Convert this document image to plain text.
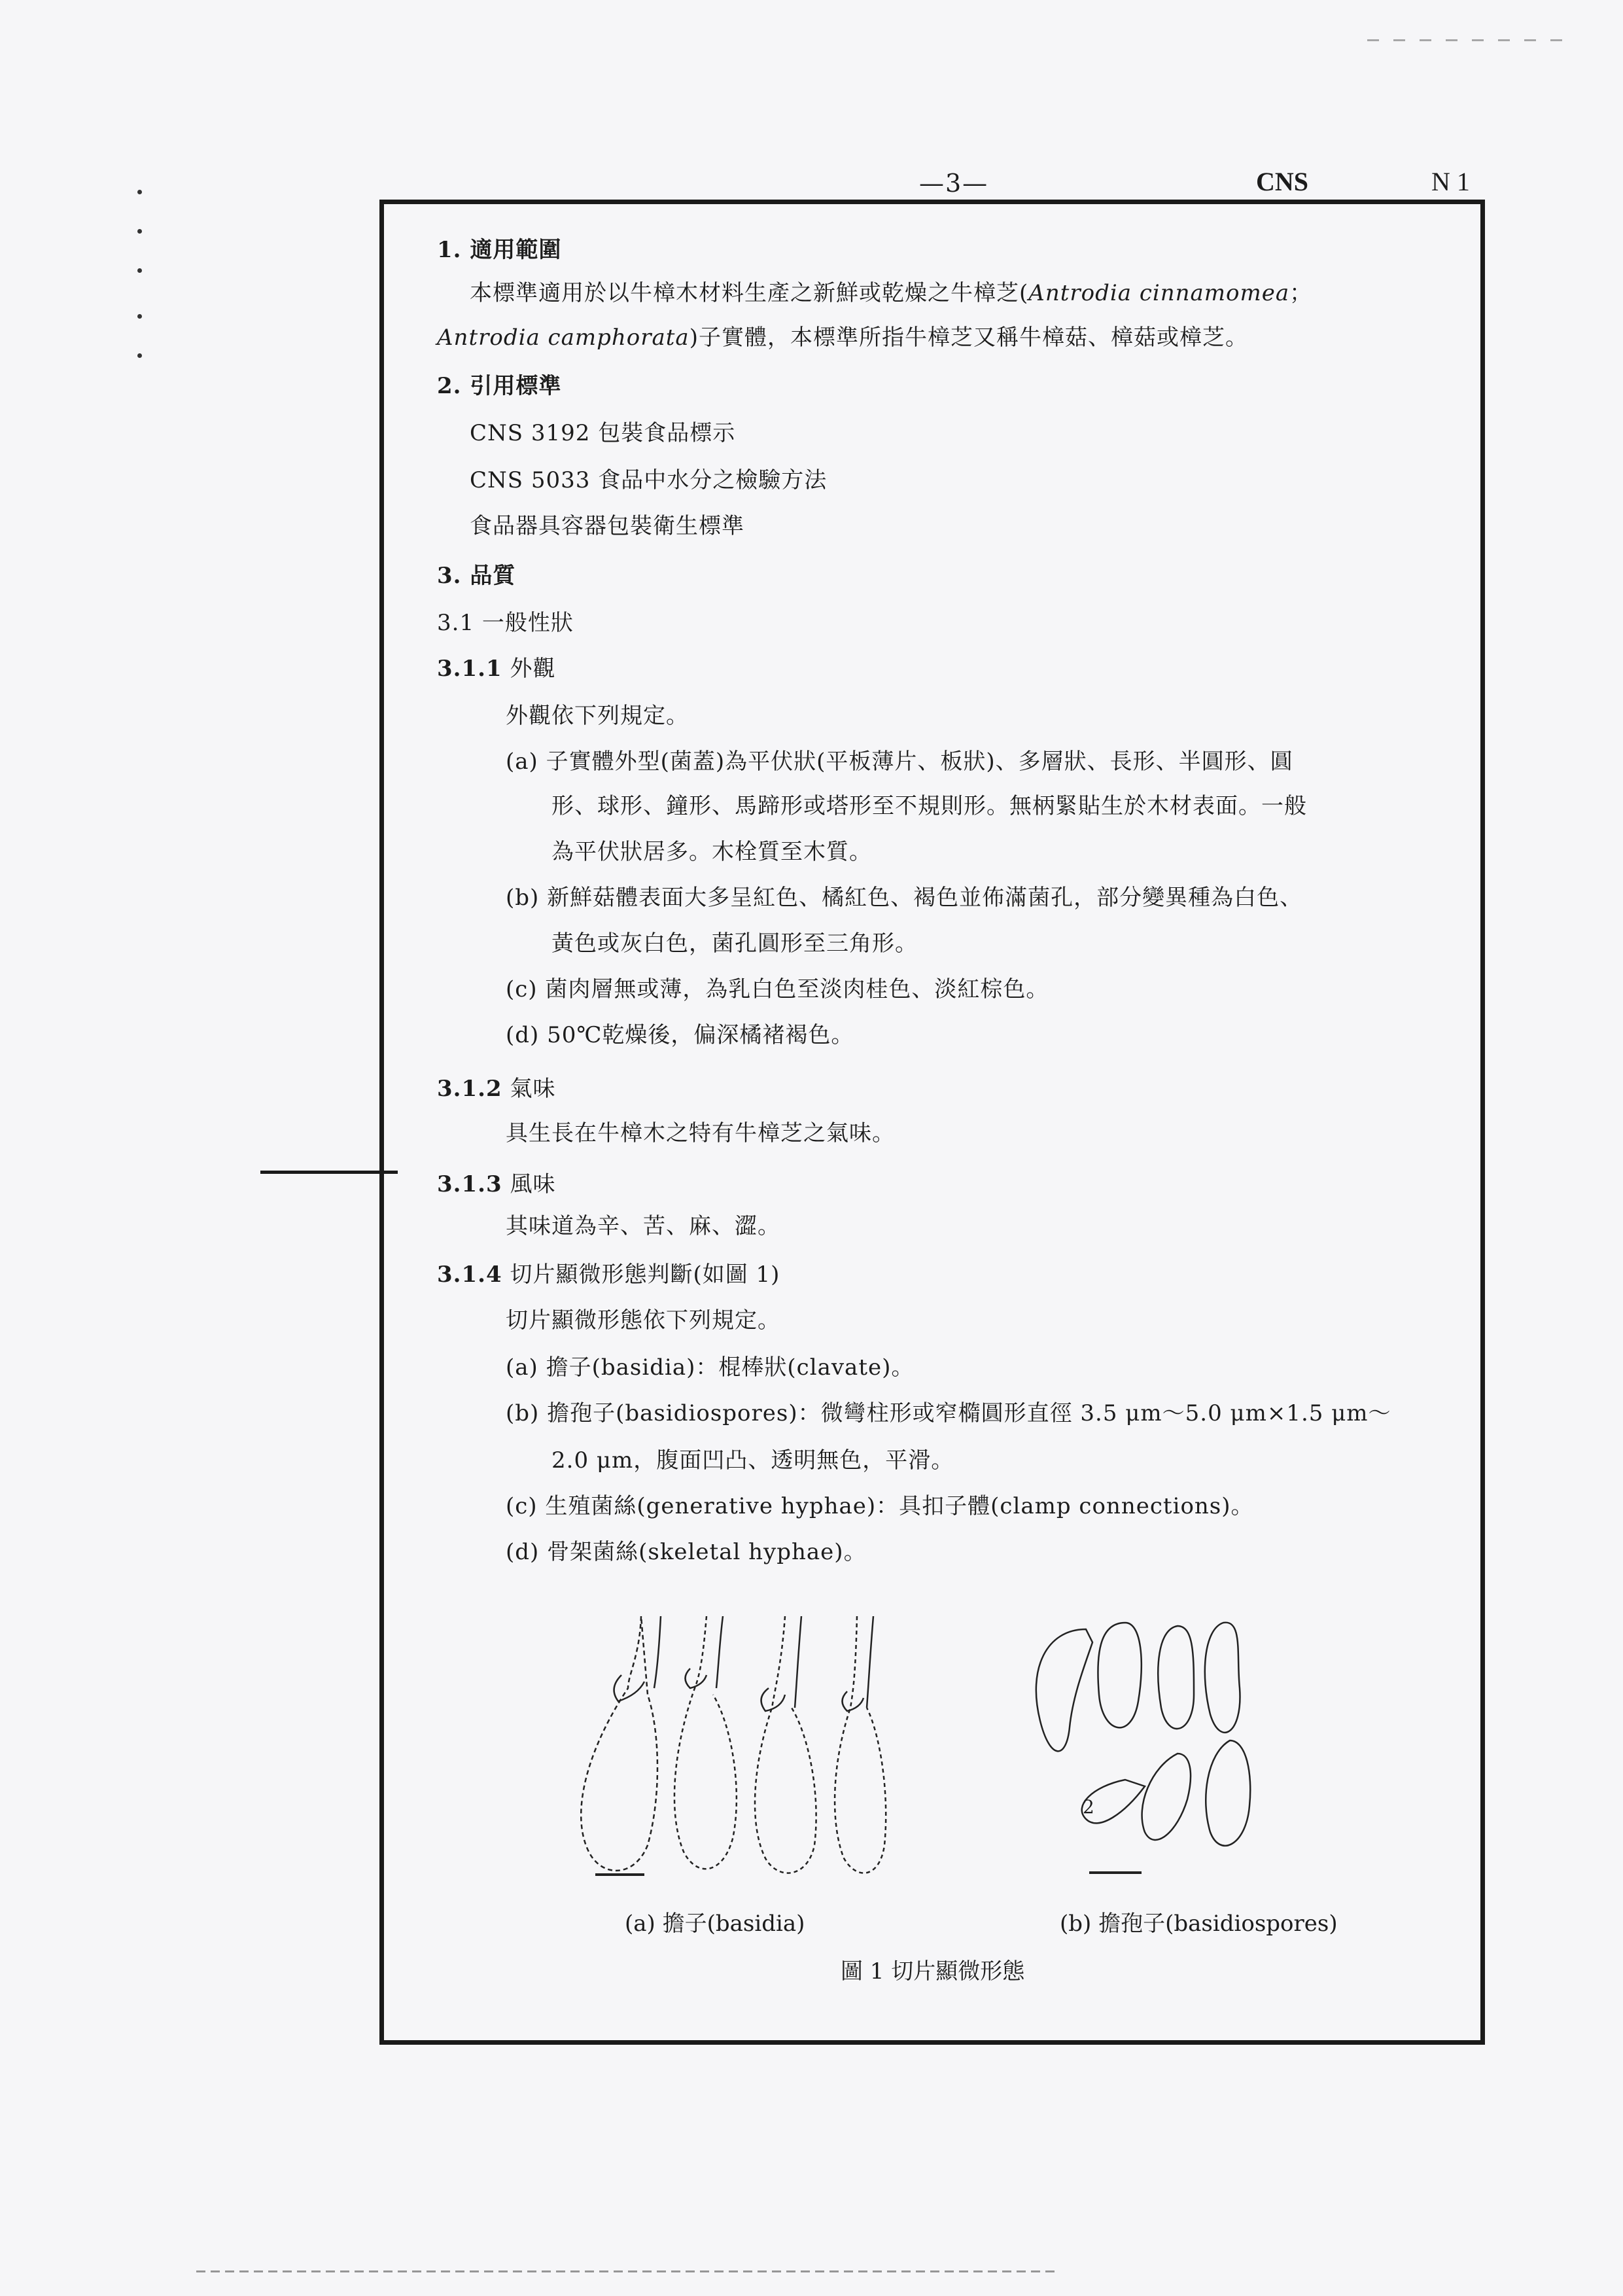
—3—	CNS	N 1
1. 適用範圍
本標準適用於以牛樟木材料生產之新鮮或乾燥之牛樟芝(Antrodia cinnamomea；
Antrodia camphorata)子實體，本標準所指牛樟芝又稱牛樟菇、樟菇或樟芝。
2. 引用標準
CNS 3192 包裝食品標示
CNS 5033 食品中水分之檢驗方法
食品器具容器包裝衛生標準
3. 品質
3.1 一般性狀
3.1.1 外觀
外觀依下列規定。
(a) 子實體外型(菌蓋)為平伏狀(平板薄片、板狀)、多層狀、長形、半圓形、圓
形、球形、鐘形、馬蹄形或塔形至不規則形。無柄緊貼生於木材表面。一般
為平伏狀居多。木栓質至木質。
(b) 新鮮菇體表面大多呈紅色、橘紅色、褐色並佈滿菌孔，部分變異種為白色、
黃色或灰白色，菌孔圓形至三角形。
(c) 菌肉層無或薄，為乳白色至淡肉桂色、淡紅棕色。
(d) 50℃乾燥後，偏深橘褚褐色。
3.1.2 氣味
具生長在牛樟木之特有牛樟芝之氣味。
3.1.3 風味
其味道為辛、苦、麻、澀。
3.1.4 切片顯微形態判斷(如圖 1)
切片顯微形態依下列規定。
(a) 擔子(basidia)：棍棒狀(clavate)。
(b) 擔孢子(basidiospores)：微彎柱形或窄橢圓形直徑 3.5 μm～5.0 μm×1.5 μm～
2.0 μm，腹面凹凸、透明無色，平滑。
(c) 生殖菌絲(generative hyphae)：具扣子體(clamp connections)。
(d) 骨架菌絲(skeletal hyphae)。
2
(a) 擔子(basidia)	(b) 擔孢子(basidiospores)
圖 1 切片顯微形態
